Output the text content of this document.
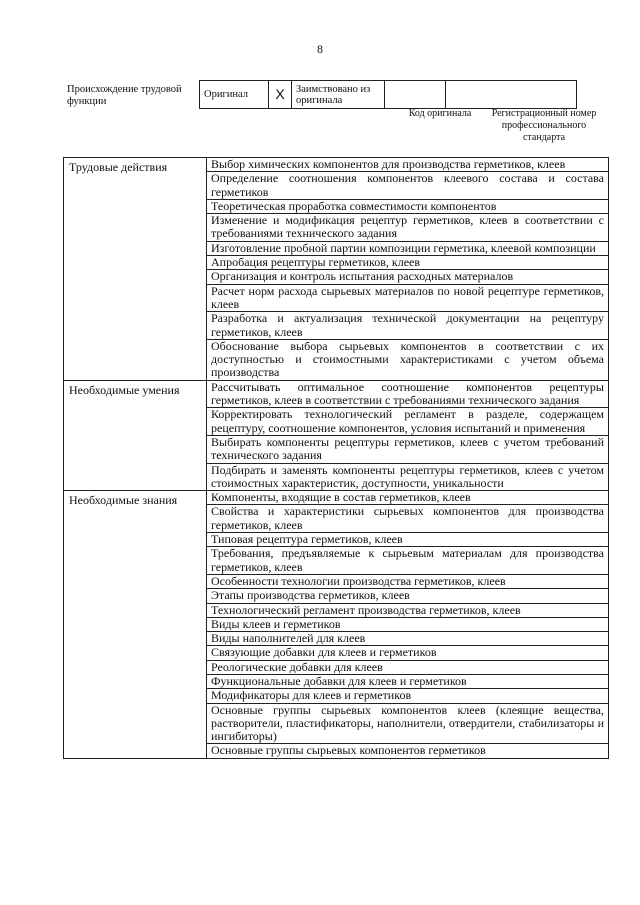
8
Происхождение трудовой функции
Оригинал	X	Заимствовано из оригинала		
Код оригинала	Регистрационный номер профессионального стандарта
Трудовые действия	Выбор химических компонентов для производства герметиков, клеев
	Определение соотношения компонентов клеевого состава и состава герметиков
	Теоретическая проработка совместимости компонентов
	Изменение и модификация рецептур герметиков, клеев в соответствии с требованиями технического задания
	Изготовление пробной партии композиции герметика, клеевой композиции
	Апробация рецептуры герметиков, клеев
	Организация и контроль испытания расходных материалов
	Расчет норм расхода сырьевых материалов по новой рецептуре герметиков, клеев
	Разработка и актуализация технической документации на рецептуру герметиков, клеев
	Обоснование выбора сырьевых компонентов в соответствии с их доступностью и стоимостными характеристиками с учетом объема производства
Необходимые умения	Рассчитывать оптимальное соотношение компонентов рецептуры герметиков, клеев в соответствии с требованиями технического задания
	Корректировать технологический регламент в разделе, содержащем рецептуру, соотношение компонентов, условия испытаний и применения
	Выбирать компоненты рецептуры герметиков, клеев с учетом требований технического задания
	Подбирать и заменять компоненты рецептуры герметиков, клеев с учетом стоимостных характеристик, доступности, уникальности
Необходимые знания	Компоненты, входящие в состав герметиков, клеев
	Свойства и характеристики сырьевых компонентов для производства герметиков, клеев
	Типовая рецептура герметиков, клеев
	Требования, предъявляемые к сырьевым материалам для производства герметиков, клеев
	Особенности технологии производства герметиков, клеев
	Этапы производства герметиков, клеев
	Технологический регламент производства герметиков, клеев
	Виды клеев и герметиков
	Виды наполнителей для клеев
	Связующие добавки для клеев и герметиков
	Реологические добавки для клеев
	Функциональные добавки для клеев и герметиков
	Модификаторы для клеев и герметиков
	Основные группы сырьевых компонентов клеев (клеящие вещества, растворители, пластификаторы, наполнители, отвердители, стабилизаторы и ингибиторы)
	Основные группы сырьевых компонентов герметиков
